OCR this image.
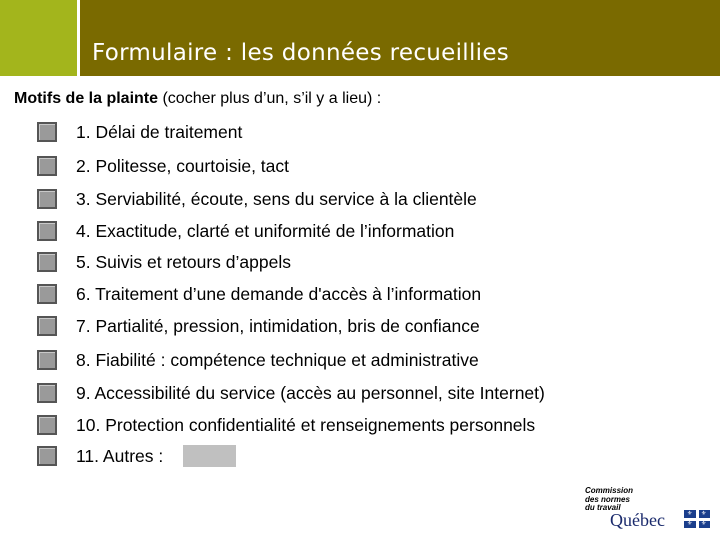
Formulaire : les données recueillies
Motifs de la plainte (cocher plus d’un, s’il y a lieu) :
1. Délai de traitement
2. Politesse, courtoisie, tact
3. Serviabilité, écoute, sens du service à la clientèle
4. Exactitude, clarté et uniformité de l’information
5. Suivis et retours d’appels
6. Traitement d’une demande d'accès à l’information
7. Partialité, pression, intimidation, bris de confiance
8. Fiabilité : compétence technique et administrative
9. Accessibilité du service (accès au personnel, site Internet)
10. Protection confidentialité et renseignements personnels
11. Autres :
Commission
des normes
du travail
Québec	⚜ ⚜
⚜ ⚜
